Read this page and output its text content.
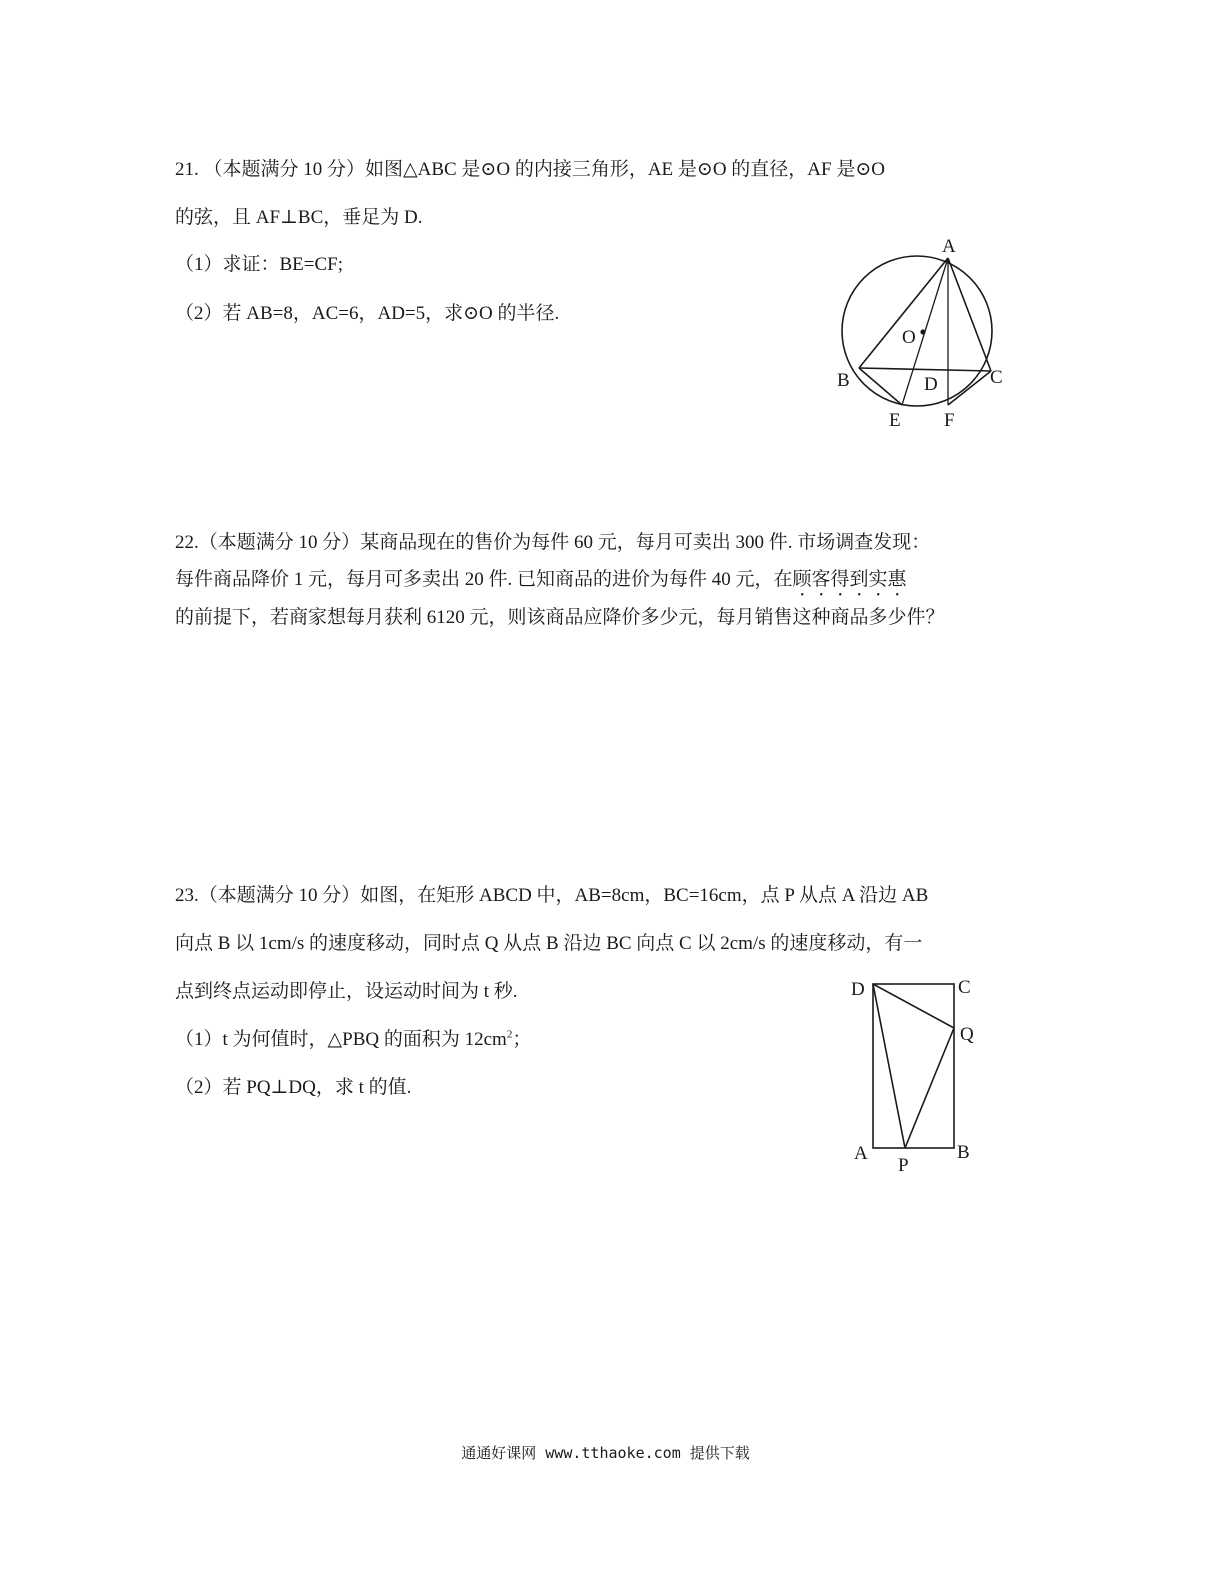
21. （本题满分 10 分）如图△ABC 是⊙O 的内接三角形，AE 是⊙O 的直径，AF 是⊙O
的弦，且 AF⊥BC，垂足为 D.
（1）求证：BE=CF;
（2）若 AB=8，AC=6，AD=5，求⊙O 的半径.
A
O
B	D	C
E F
22.（本题满分 10 分）某商品现在的售价为每件 60 元，每月可卖出 300 件. 市场调查发现：
每件商品降价 1 元，每月可多卖出 20 件. 已知商品的进价为每件 40 元，在顾客得到实惠
的前提下，若商家想每月获利 6120 元，则该商品应降价多少元，每月销售这种商品多少件？
23.（本题满分 10 分）如图，在矩形 ABCD 中，AB=8cm，BC=16cm，点 P 从点 A 沿边 AB
向点 B 以 1cm/s 的速度移动，同时点 Q 从点 B 沿边 BC 向点 C 以 2cm/s 的速度移动，有一
点到终点运动即停止，设运动时间为 t 秒.
（1）t 为何值时，△PBQ 的面积为 $12cm^2$；
（2）若 PQ⊥DQ，求 t 的值.
D	C
Q
A	B
P
通通好课网 www.tthaoke.com 提供下载
